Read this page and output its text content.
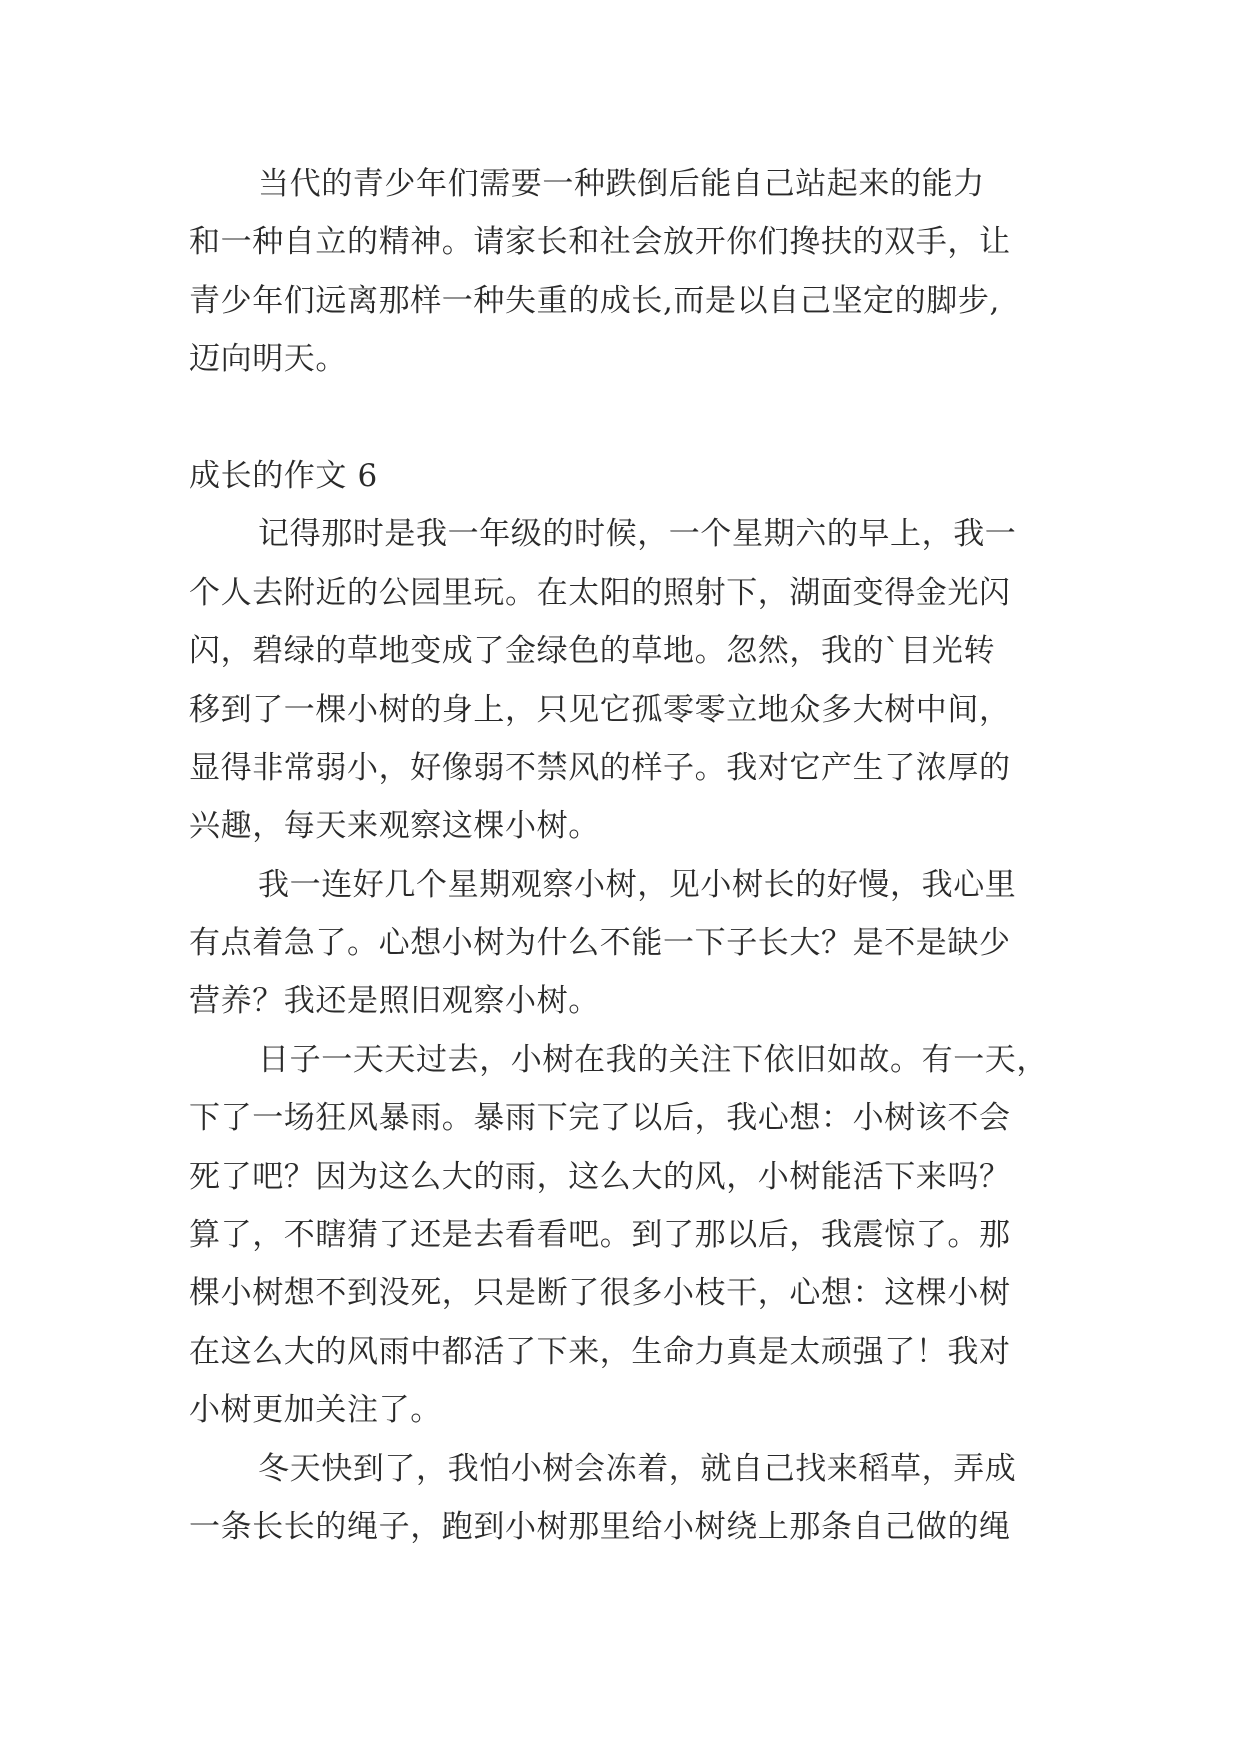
当代的青少年们需要一种跌倒后能自己站起来的能力
和一种自立的精神。请家长和社会放开你们搀扶的双手，让
青少年们远离那样一种失重的成长,而是以自己坚定的脚步,
迈向明天。
成长的作文 6
记得那时是我一年级的时候，一个星期六的早上，我一
个人去附近的公园里玩。在太阳的照射下，湖面变得金光闪
闪，碧绿的草地变成了金绿色的草地。忽然，我的`目光转
移到了一棵小树的身上，只见它孤零零立地众多大树中间，
显得非常弱小，好像弱不禁风的样子。我对它产生了浓厚的
兴趣，每天来观察这棵小树。
我一连好几个星期观察小树，见小树长的好慢，我心里
有点着急了。心想小树为什么不能一下子长大？是不是缺少
营养？我还是照旧观察小树。
日子一天天过去，小树在我的关注下依旧如故。有一天，
下了一场狂风暴雨。暴雨下完了以后，我心想：小树该不会
死了吧？因为这么大的雨，这么大的风，小树能活下来吗？
算了，不瞎猜了还是去看看吧。到了那以后，我震惊了。那
棵小树想不到没死，只是断了很多小枝干，心想：这棵小树
在这么大的风雨中都活了下来，生命力真是太顽强了！我对
小树更加关注了。
冬天快到了，我怕小树会冻着，就自己找来稻草，弄成
一条长长的绳子，跑到小树那里给小树绕上那条自己做的绳
